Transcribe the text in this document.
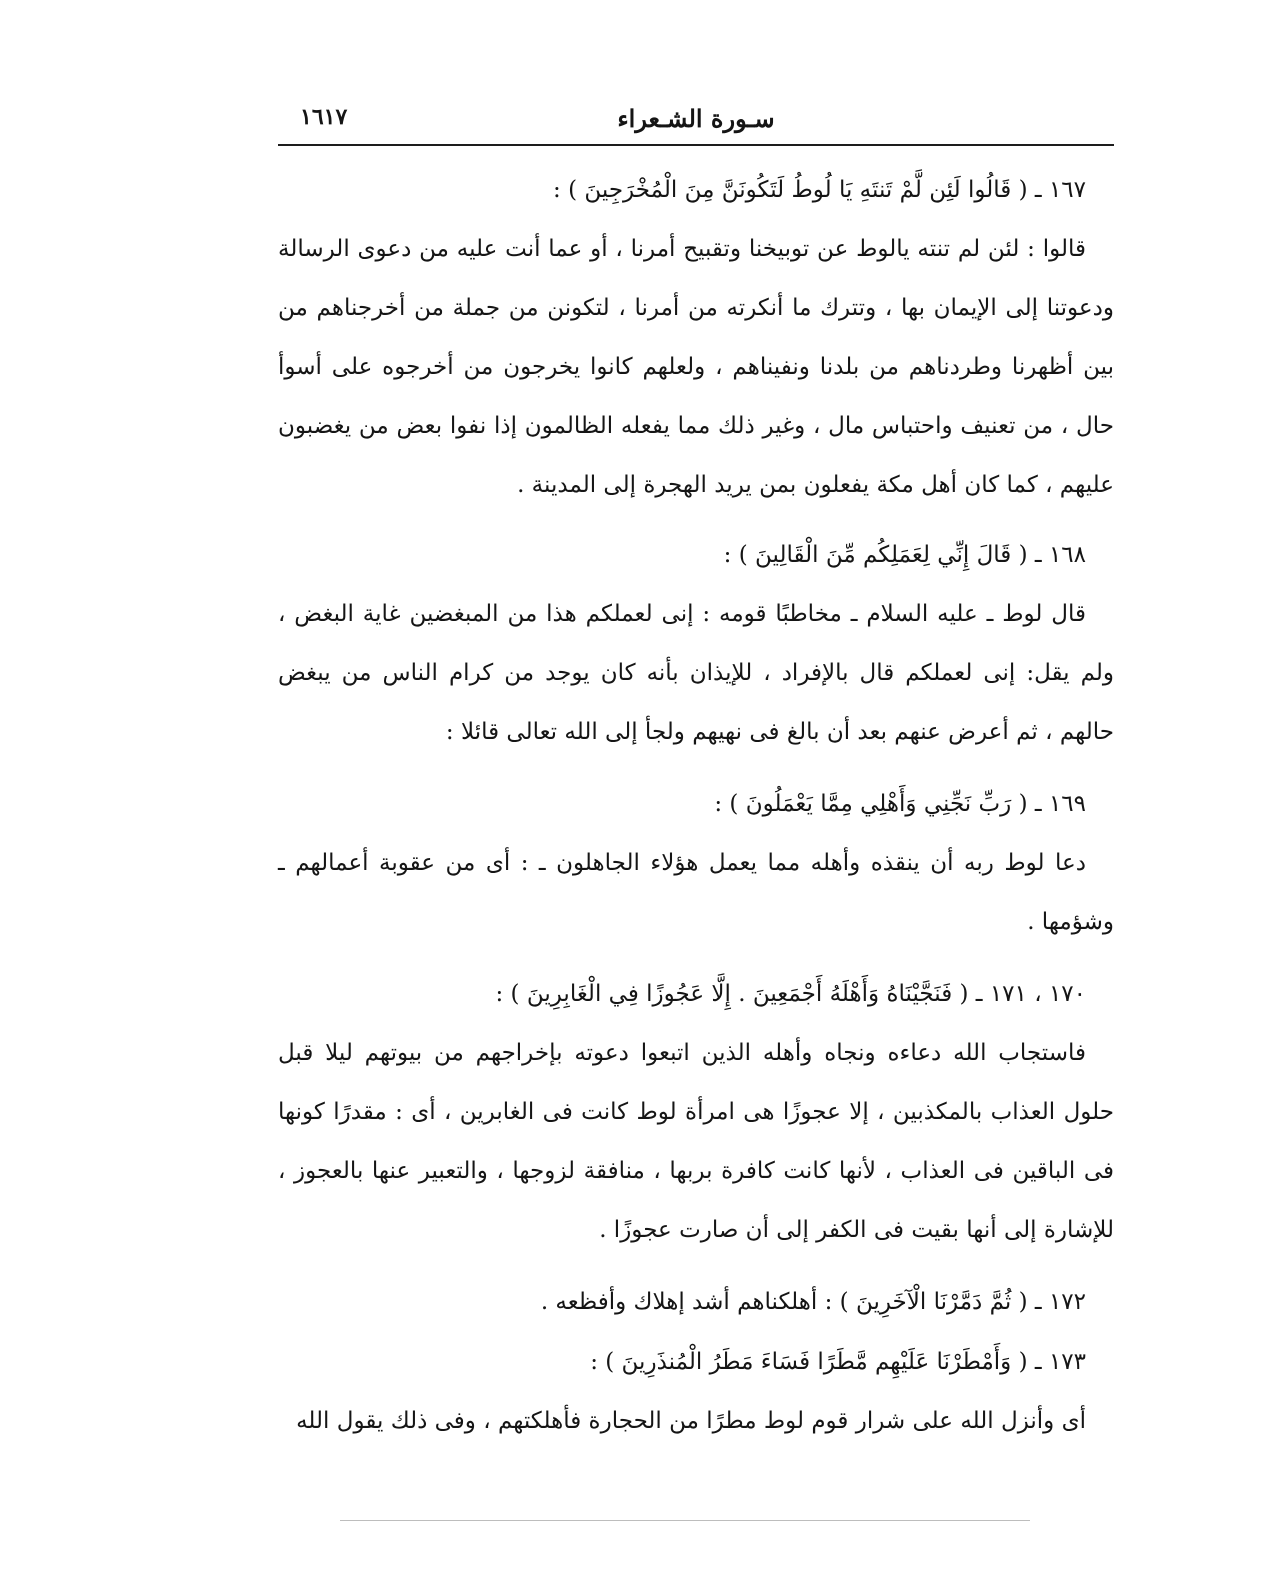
١٦١٧	سـورة الشـعراء

١٦٧ ـ ( قَالُوا لَئِن لَّمْ تَنتَهِ يَا لُوطُ لَتَكُونَنَّ مِنَ الْمُخْرَجِينَ ) :

قالوا : لئن لم تنته يالوط عن توبيخنا وتقبيح أمرنا ، أو عما أنت عليه من دعوى الرسالة ودعوتنا إلى الإيمان بها ، وتترك ما أنكرته من أمرنا ، لتكونن من جملة من أخرجناهم من بين أظهرنا وطردناهم من بلدنا ونفيناهم ، ولعلهم كانوا يخرجون من أخرجوه على أسوأ حال ، من تعنيف واحتباس مال ، وغير ذلك مما يفعله الظالمون إذا نفوا بعض من يغضبون عليهم ، كما كان أهل مكة يفعلون بمن يريد الهجرة إلى المدينة .

١٦٨ ـ ( قَالَ إِنِّي لِعَمَلِكُم مِّنَ الْقَالِينَ ) :

قال لوط ـ عليه السلام ـ مخاطبًا قومه : إنى لعملكم هذا من المبغضين غاية البغض ، ولم يقل: إنى لعملكم قال بالإفراد ، للإيذان بأنه كان يوجد من كرام الناس من يبغض حالهم ، ثم أعرض عنهم بعد أن بالغ فى نهيهم ولجأ إلى الله تعالى قائلا :

١٦٩ ـ ( رَبِّ نَجِّنِي وَأَهْلِي مِمَّا يَعْمَلُونَ ) :

دعا لوط ربه أن ينقذه وأهله مما يعمل هؤلاء الجاهلون ـ : أى من عقوبة أعمالهم ـ وشؤمها .

١٧٠ ، ١٧١ ـ ( فَنَجَّيْنَاهُ وَأَهْلَهُ أَجْمَعِينَ . إِلَّا عَجُوزًا فِي الْغَابِرِينَ ) :

فاستجاب الله دعاءه ونجاه وأهله الذين اتبعوا دعوته بإخراجهم من بيوتهم ليلا قبل حلول العذاب بالمكذبين ، إلا عجوزًا هى امرأة لوط كانت فى الغابرين ، أى : مقدرًا كونها فى الباقين فى العذاب ، لأنها كانت كافرة بربها ، منافقة لزوجها ، والتعبير عنها بالعجوز ، للإشارة إلى أنها بقيت فى الكفر إلى أن صارت عجوزًا .

١٧٢ ـ ( ثُمَّ دَمَّرْنَا الْآخَرِينَ ) : أهلكناهم أشد إهلاك وأفظعه .

١٧٣ ـ ( وَأَمْطَرْنَا عَلَيْهِم مَّطَرًا فَسَاءَ مَطَرُ الْمُنذَرِينَ ) :

أى وأنزل الله على شرار قوم لوط مطرًا من الحجارة فأهلكتهم ، وفى ذلك يقول الله
